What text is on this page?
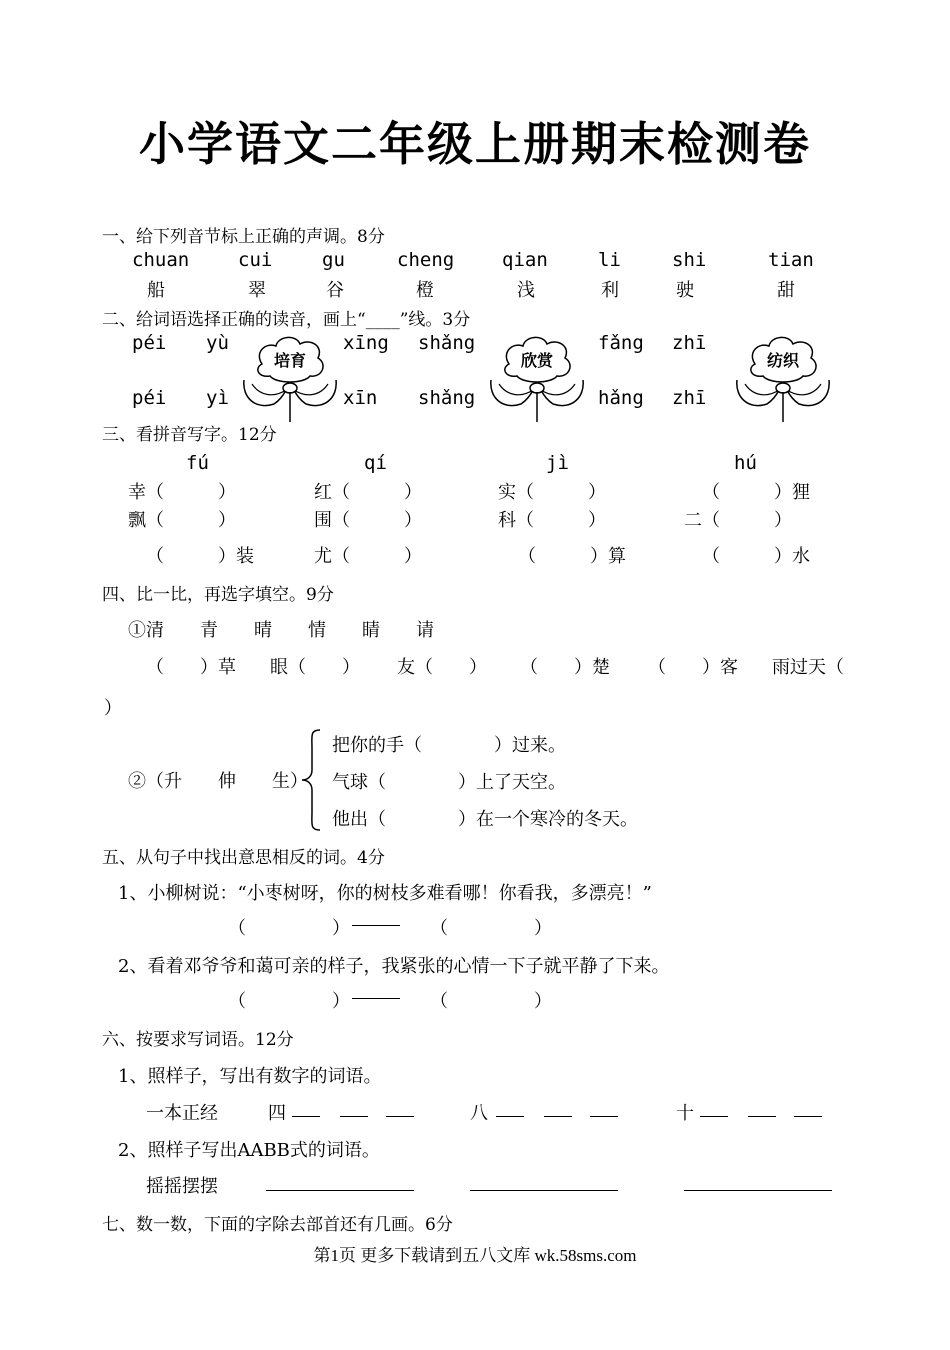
小学语文二年级上册期末检测卷
一、给下列音节标上正确的声调。8分
chuan	cui	gu	cheng	qian	li	shi	tian
船	翠	谷	橙	浅	利	驶	甜
二、给词语选择正确的读音，画上“____”线。3分
péi yù	xīng shǎng	fǎng zhī
péi yì	xīn shǎng	hǎng zhī
培育	欣赏	纺织
三、看拼音写字。12分
fú	qí	jì	hú
幸（　　　）	红（　　　）	实（　　　）	（　　　）狸
飘（　　　）	围（　　　）	科（　　　）	二（　　　）
（　　　）装	尤（　　　）	（　　　）算	（　　　）水
四、比一比，再选字填空。9分
①清　　青　　晴　　情　　睛　　请
（　　）草 眼（　　） 友（　　） （　　）楚 （　　）客 雨过天（
）
②（升　　伸　　生）
把你的手（　　　　）过来。
气球（　　　　）上了天空。
他出（　　　　）在一个寒冷的冬天。
五、从句子中找出意思相反的词。4分
1、小柳树说：“小枣树呀，你的树枝多难看哪！你看我，多漂亮！”
（	）	（	）
2、看着邓爷爷和蔼可亲的样子，我紧张的心情一下子就平静了下来。
（	）	（	）
六、按要求写词语。12分
1、照样子，写出有数字的词语。
一本正经	四	八	十
2、照样子写出AABB式的词语。
摇摇摆摆
七、数一数，下面的字除去部首还有几画。6分
第1页 更多下载请到五八文库 wk.58sms.com
